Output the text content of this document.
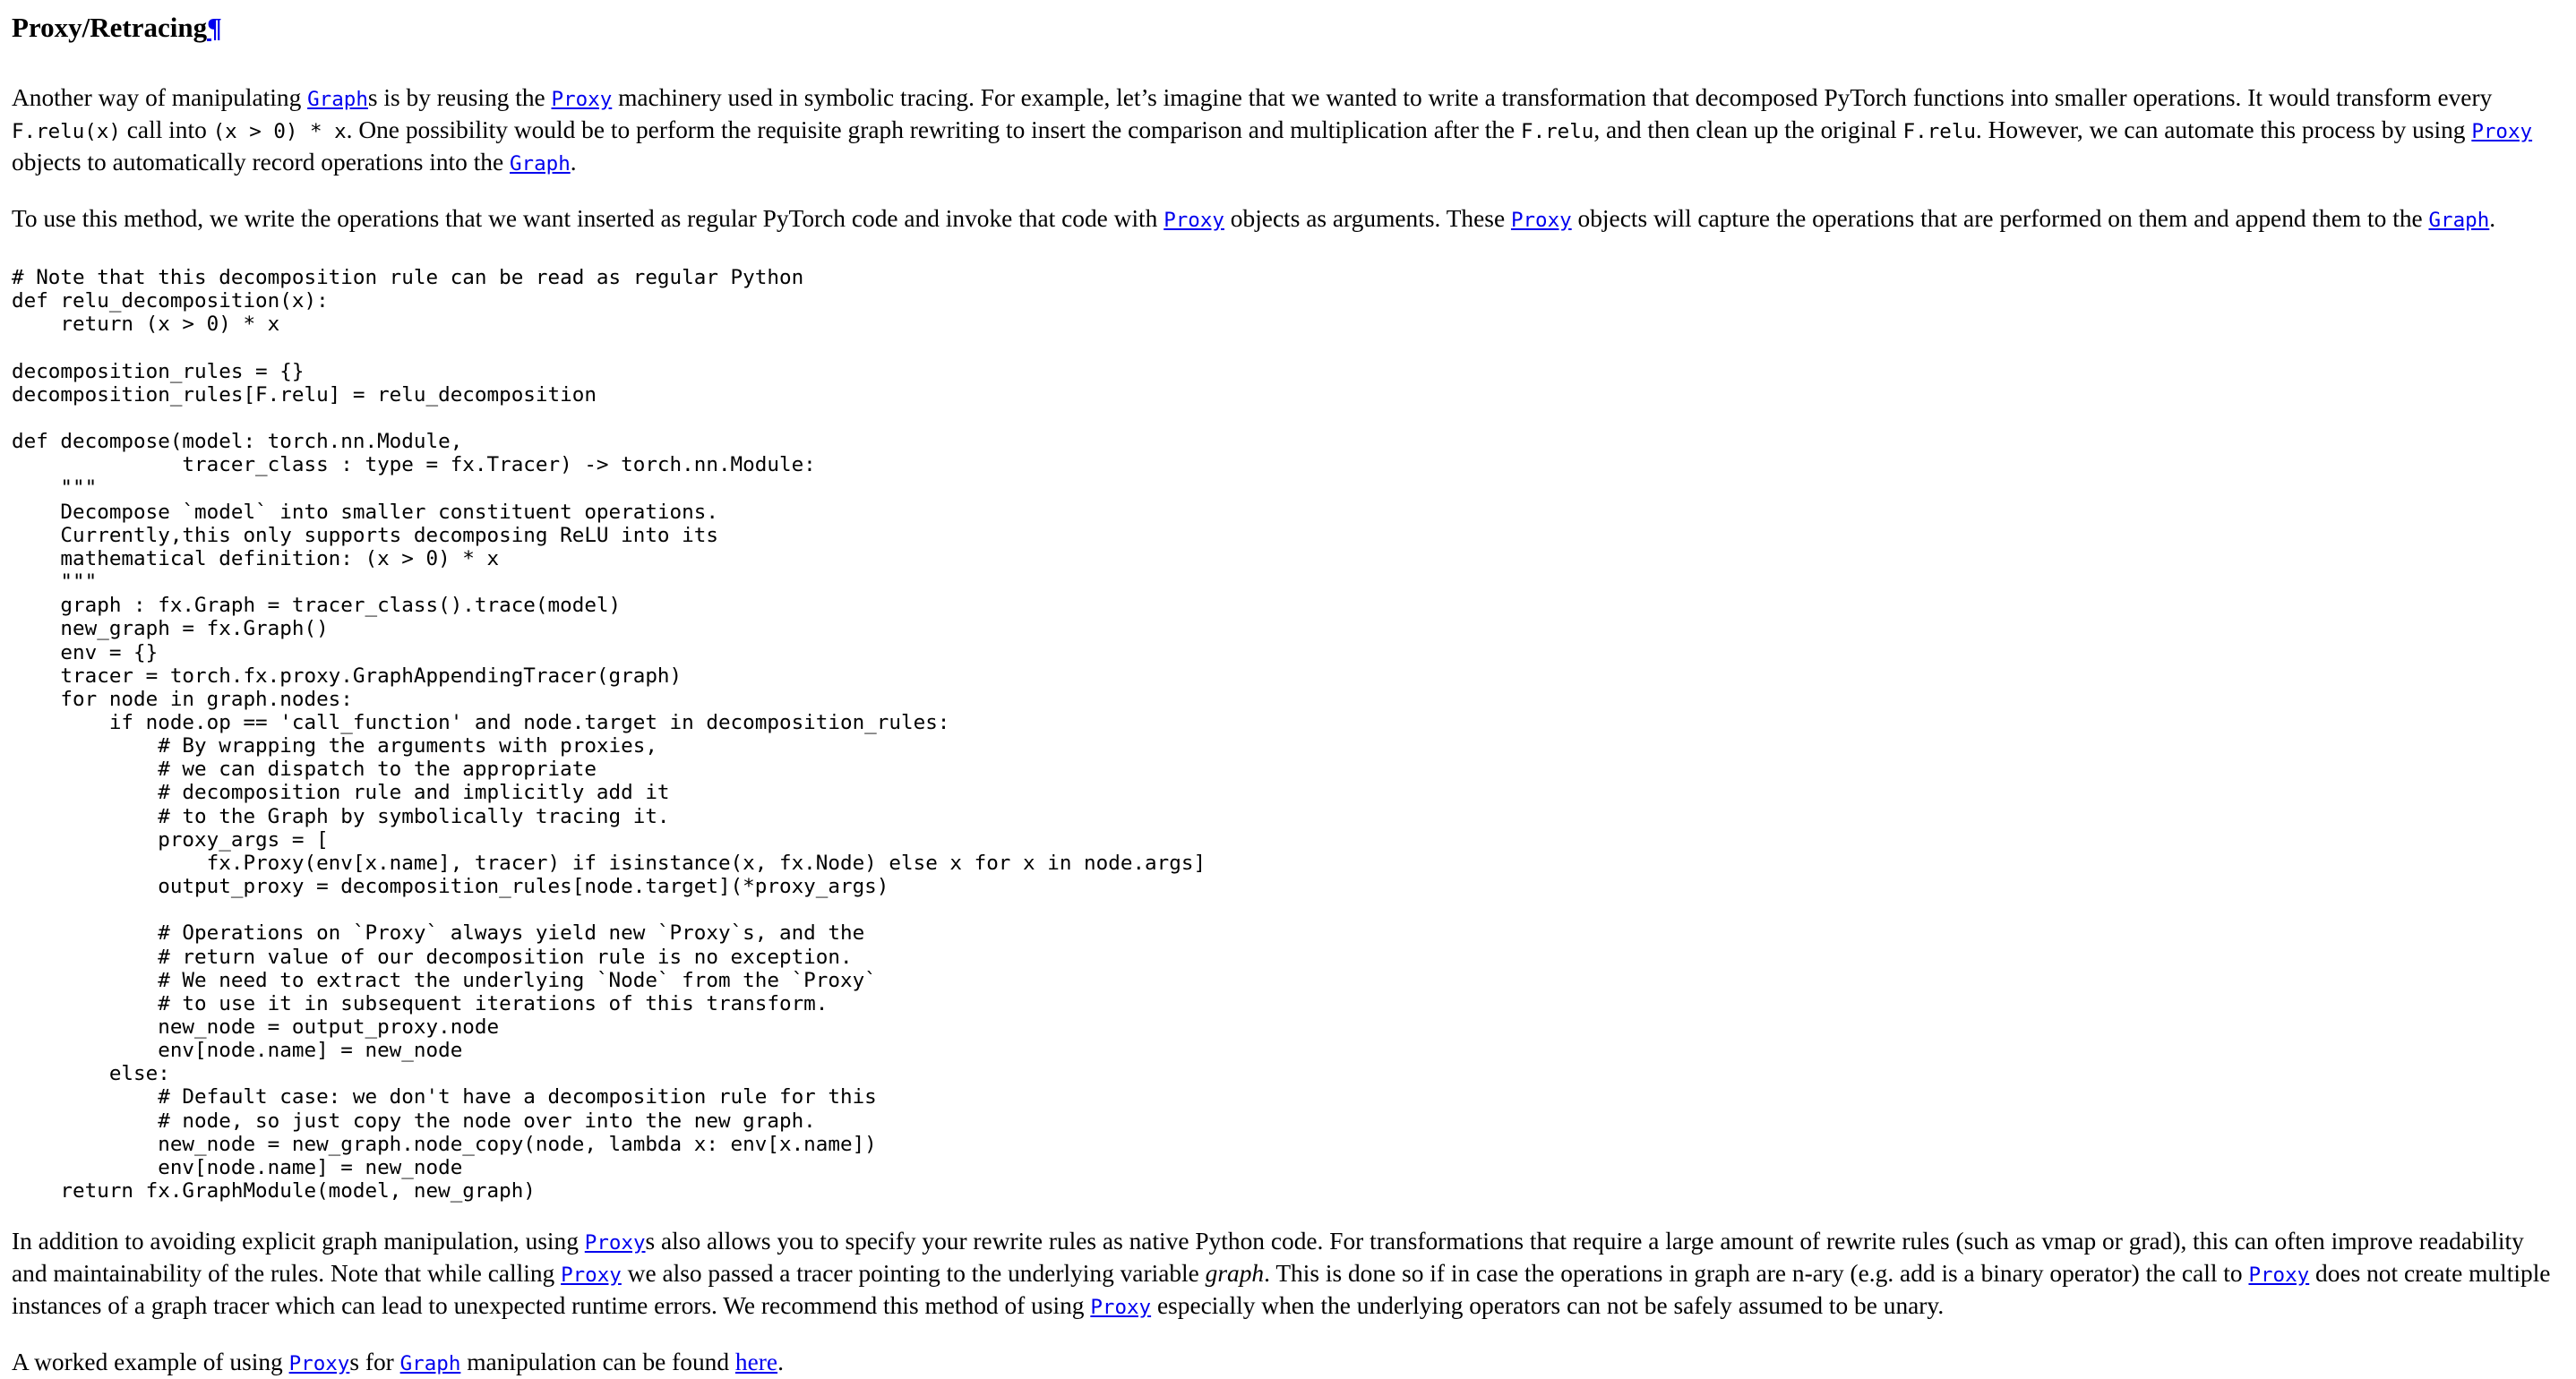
Proxy/Retracing¶

Another way of manipulating Graphs is by reusing the Proxy machinery used in symbolic tracing. For example, let’s imagine that we wanted to write a transformation that decomposed PyTorch functions into smaller operations. It would transform every F.relu(x) call into (x > 0) * x. One possibility would be to perform the requisite graph rewriting to insert the comparison and multiplication after the F.relu, and then clean up the original F.relu. However, we can automate this process by using Proxy objects to automatically record operations into the Graph.

To use this method, we write the operations that we want inserted as regular PyTorch code and invoke that code with Proxy objects as arguments. These Proxy objects will capture the operations that are performed on them and append them to the Graph.

# Note that this decomposition rule can be read as regular Python
def relu_decomposition(x):
return (x > 0) * x

decomposition_rules = {}
decomposition_rules[F.relu] = relu_decomposition

def decompose(model: torch.nn.Module,
tracer_class : type = fx.Tracer) -> torch.nn.Module:
"""
Decompose `model` into smaller constituent operations.
Currently,this only supports decomposing ReLU into its
mathematical definition: (x > 0) * x
"""
graph : fx.Graph = tracer_class().trace(model)
new_graph = fx.Graph()
env = {}
tracer = torch.fx.proxy.GraphAppendingTracer(graph)
for node in graph.nodes:
if node.op == 'call_function' and node.target in decomposition_rules:
# By wrapping the arguments with proxies,
# we can dispatch to the appropriate
# decomposition rule and implicitly add it
# to the Graph by symbolically tracing it.
proxy_args = [
fx.Proxy(env[x.name], tracer) if isinstance(x, fx.Node) else x for x in node.args]
output_proxy = decomposition_rules[node.target](*proxy_args)

# Operations on `Proxy` always yield new `Proxy`s, and the
# return value of our decomposition rule is no exception.
# We need to extract the underlying `Node` from the `Proxy`
# to use it in subsequent iterations of this transform.
new_node = output_proxy.node
env[node.name] = new_node
else:
# Default case: we don't have a decomposition rule for this
# node, so just copy the node over into the new graph.
new_node = new_graph.node_copy(node, lambda x: env[x.name])
env[node.name] = new_node
return fx.GraphModule(model, new_graph)

In addition to avoiding explicit graph manipulation, using Proxys also allows you to specify your rewrite rules as native Python code. For transformations that require a large amount of rewrite rules (such as vmap or grad), this can often improve readability and maintainability of the rules. Note that while calling Proxy we also passed a tracer pointing to the underlying variable graph. This is done so if in case the operations in graph are n-ary (e.g. add is a binary operator) the call to Proxy does not create multiple instances of a graph tracer which can lead to unexpected runtime errors. We recommend this method of using Proxy especially when the underlying operators can not be safely assumed to be unary.

A worked example of using Proxys for Graph manipulation can be found here.
